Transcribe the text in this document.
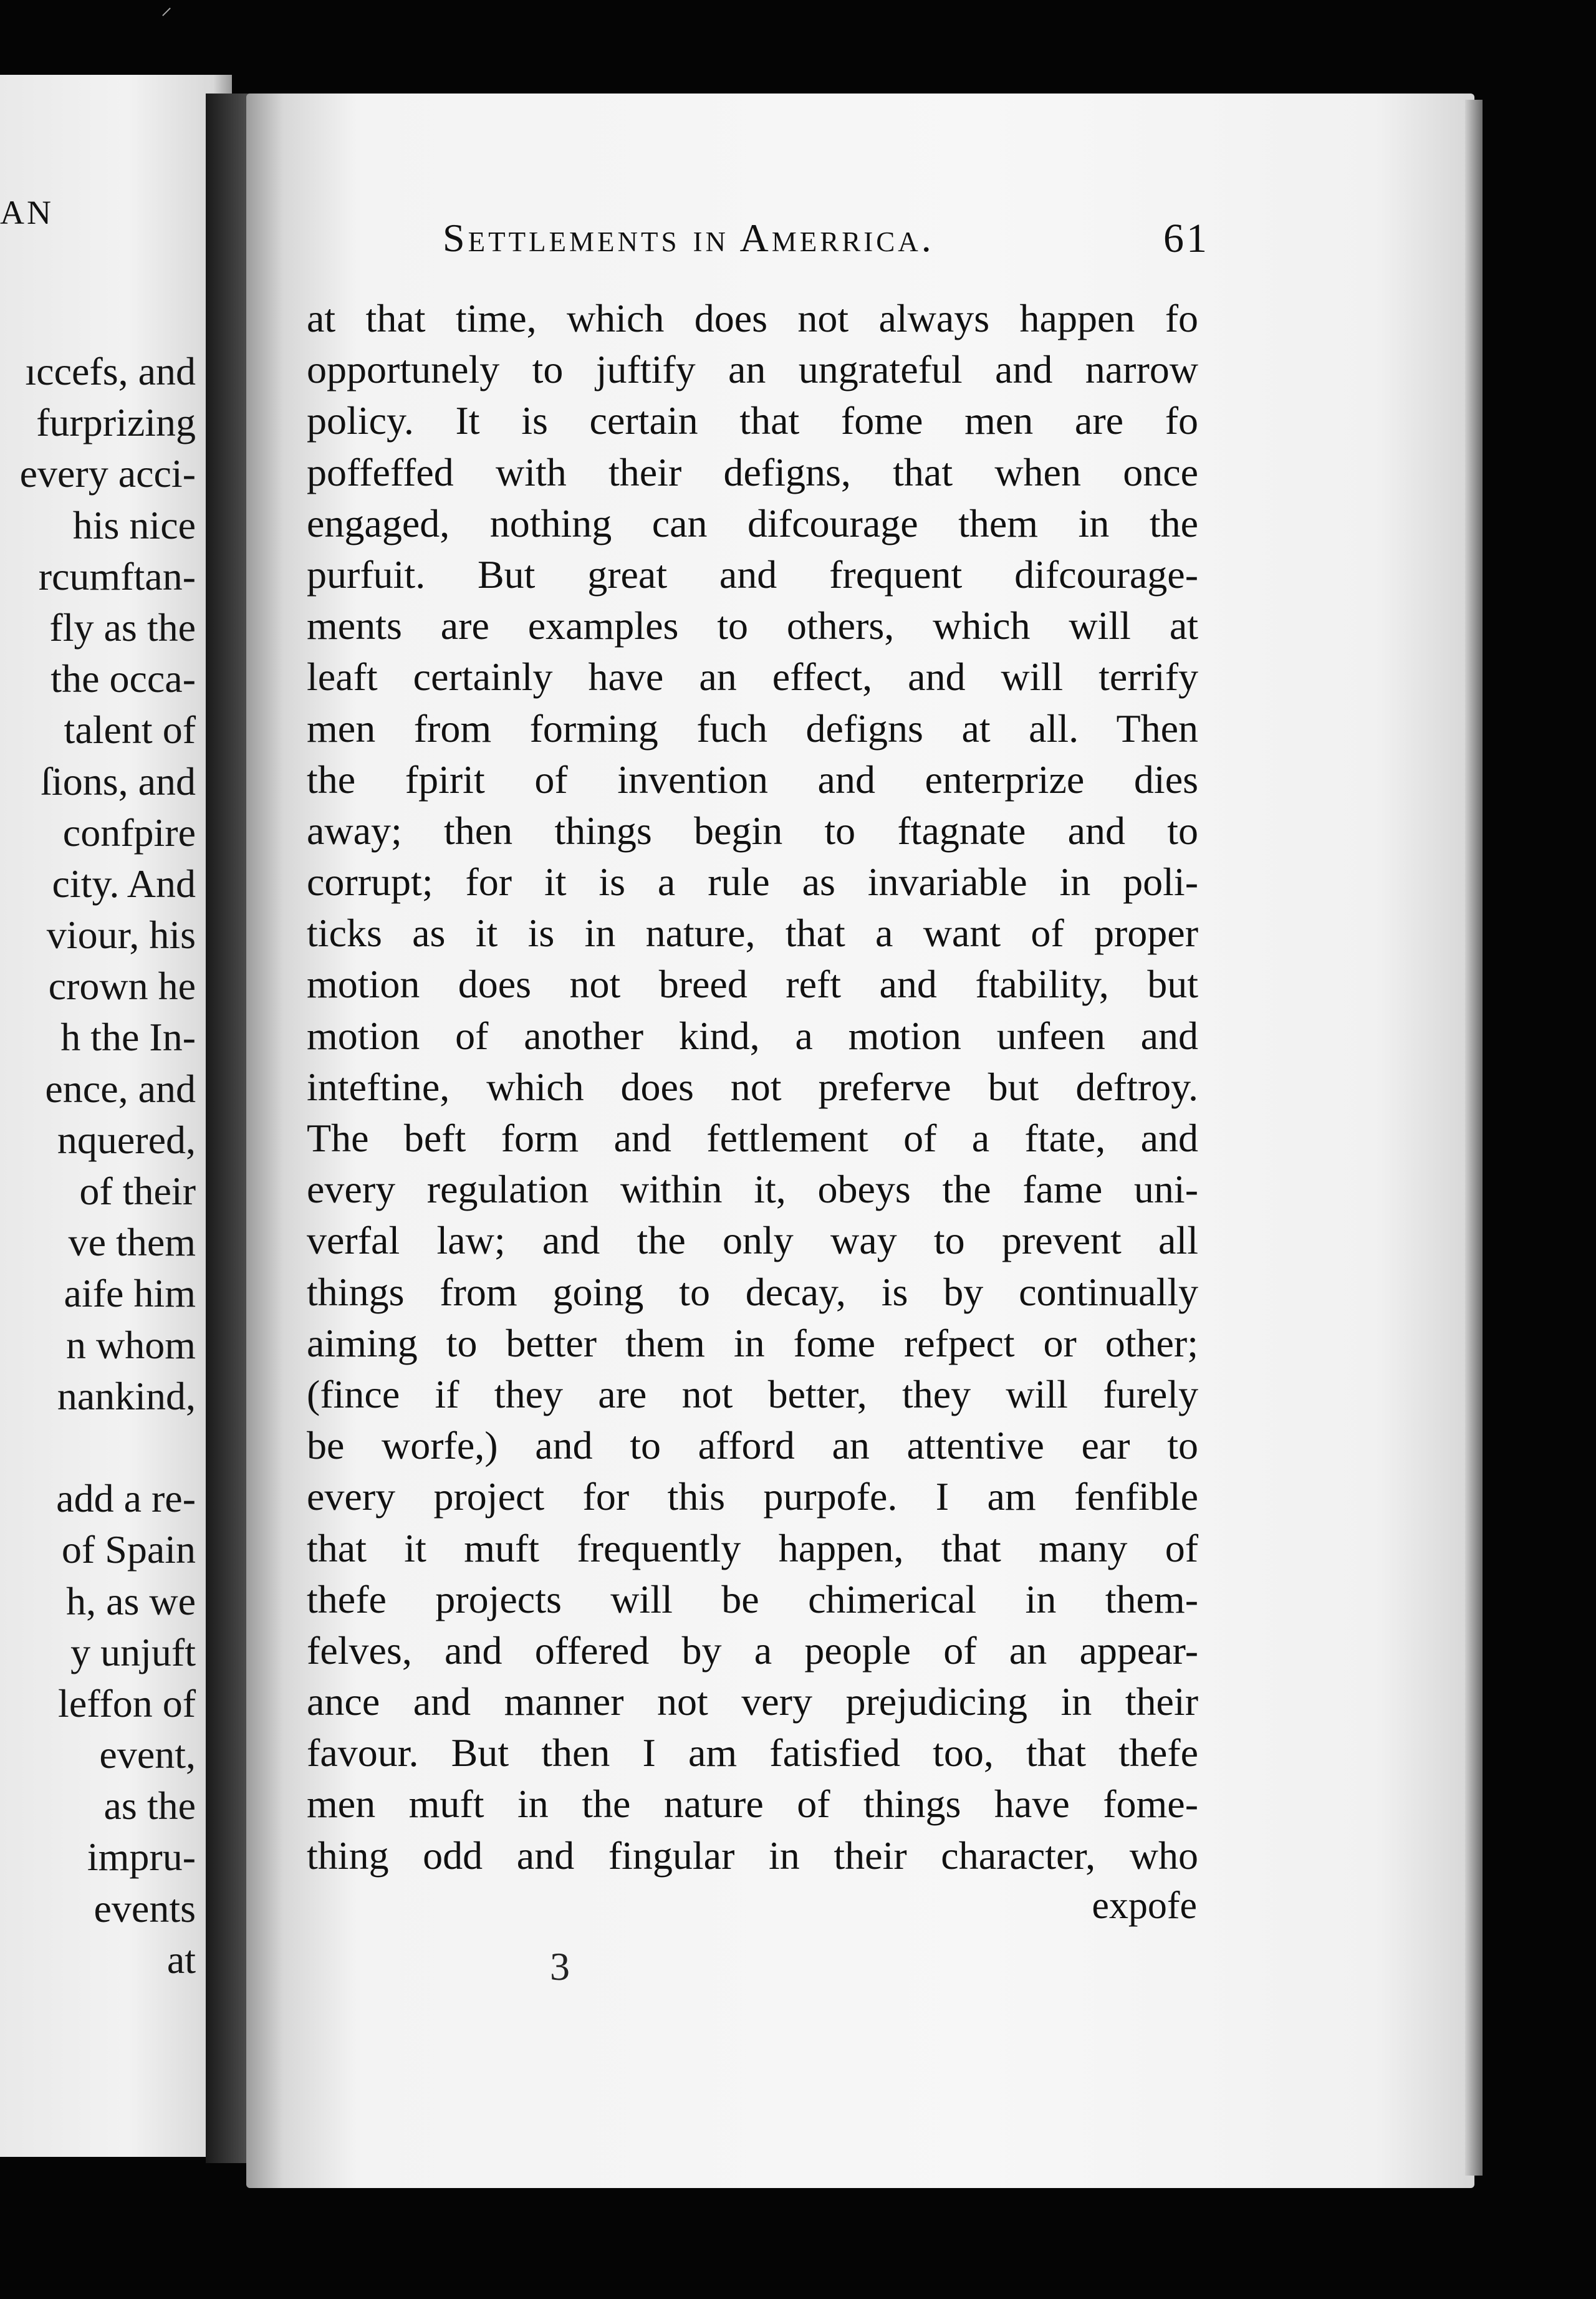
⸍
AN
ıccefs, and
furprizing
every acci-
his nice
rcumftan-
fly as the
the occa-
talent of
ſions, and
confpire
city. And
viour, his
crown he
h the In-
ence, and
nquered,
of their
ve them
aife him
n whom
nankind,
add a re-
of Spain
h, as we
y unjuft
leffon of
event,
as the
impru-
events
at
Settlements in Amerrica.	61
at that time, which does not always happen fo
opportunely to juftify an ungrateful and narrow
policy. It is certain that fome men are fo
poffeffed with their defigns, that when once
engaged, nothing can difcourage them in the
purfuit. But great and frequent difcourage-
ments are examples to others, which will at
leaft certainly have an effect, and will terrify
men from forming fuch defigns at all. Then
the fpirit of invention and enterprize dies
away; then things begin to ftagnate and to
corrupt; for it is a rule as invariable in poli-
ticks as it is in nature, that a want of proper
motion does not breed reft and ftability, but
motion of another kind, a motion unfeen and
inteftine, which does not preferve but deftroy.
The beft form and fettlement of a ftate, and
every regulation within it, obeys the fame uni-
verfal law; and the only way to prevent all
things from going to decay, is by continually
aiming to better them in fome refpect or other;
(fince if they are not better, they will furely
be worfe,) and to afford an attentive ear to
every project for this purpofe. I am fenfible
that it muft frequently happen, that many of
thefe projects will be chimerical in them-
felves, and offered by a people of an appear-
ance and manner not very prejudicing in their
favour. But then I am fatisfied too, that thefe
men muft in the nature of things have fome-
thing odd and fingular in their character, who
expofe
3
